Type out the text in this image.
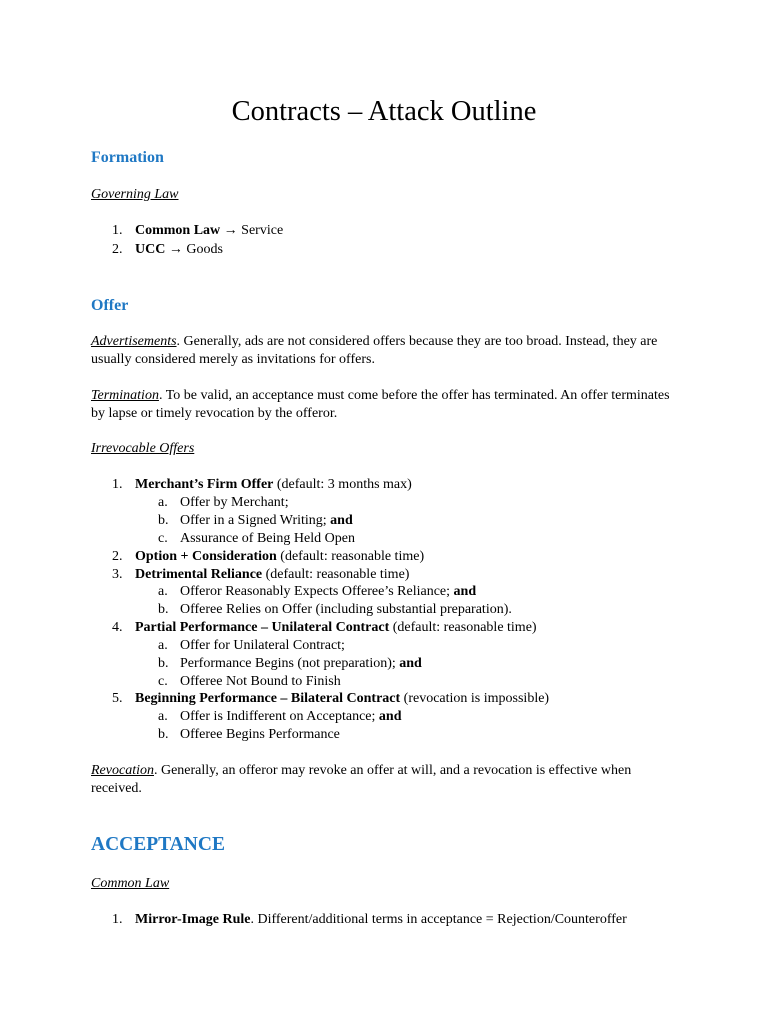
Contracts – Attack Outline
Formation
Governing Law
1. Common Law → Service
2. UCC → Goods
Offer
Advertisements. Generally, ads are not considered offers because they are too broad. Instead, they are usually considered merely as invitations for offers.
Termination. To be valid, an acceptance must come before the offer has terminated. An offer terminates by lapse or timely revocation by the offeror.
Irrevocable Offers
1. Merchant’s Firm Offer (default: 3 months max)
a. Offer by Merchant;
b. Offer in a Signed Writing; and
c. Assurance of Being Held Open
2. Option + Consideration (default: reasonable time)
3. Detrimental Reliance (default: reasonable time)
a. Offeror Reasonably Expects Offeree’s Reliance; and
b. Offeree Relies on Offer (including substantial preparation).
4. Partial Performance – Unilateral Contract (default: reasonable time)
a. Offer for Unilateral Contract;
b. Performance Begins (not preparation); and
c. Offeree Not Bound to Finish
5. Beginning Performance – Bilateral Contract (revocation is impossible)
a. Offer is Indifferent on Acceptance; and
b. Offeree Begins Performance
Revocation. Generally, an offeror may revoke an offer at will, and a revocation is effective when received.
ACCEPTANCE
Common Law
1. Mirror-Image Rule. Different/additional terms in acceptance = Rejection/Counteroffer
